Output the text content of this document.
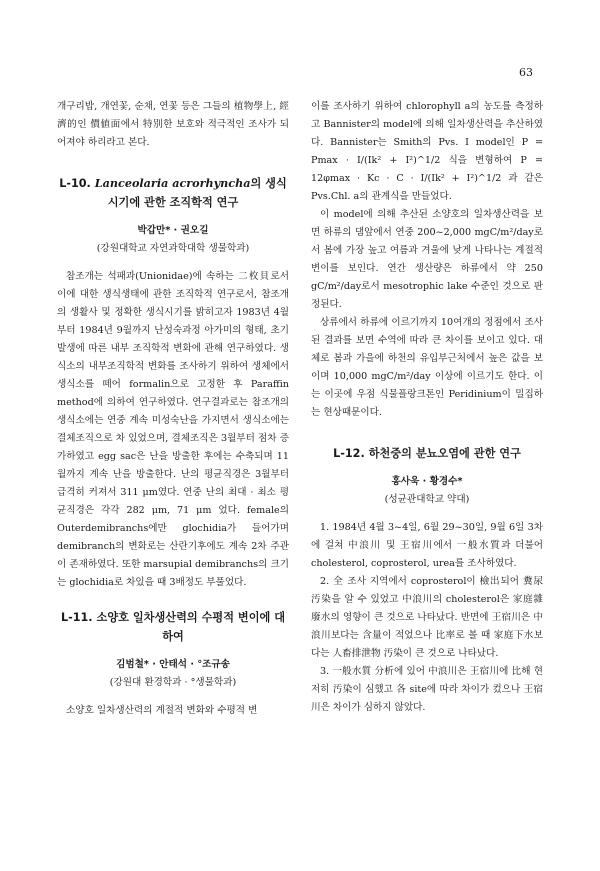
63

개구리밥, 개연꽃, 순채, 연꽃 등은 그들의 植物學上, 經濟的인 價値面에서 特別한 보호와 적극적인 조사가 되어져야 하리라고 본다.

L-10. Lanceolaria acrorhyncha의 생식시기에 관한 조직학적 연구
박갑만* · 권오길
(강원대학교 자연과학대학 생물학과)

참조개는 석패과(Unionidae)에 속하는 二枚貝로서 이에 대한 생식생태에 관한 조직학적 연구로서, 참조개의 생활사 및 정확한 생식시기를 밝히고자 1983년 4월부터 1984년 9월까지 난성숙과정 아가미의 형태, 초기 발생에 따른 내부 조직학적 변화에 관해 연구하였다. 생식소의 내부조직학적 변화를 조사하기 위하여 생체에서 생식소를 떼어 formalin으로 고정한 후 Paraffin method에 의하여 연구하였다. 연구결과로는 참조개의 생식소에는 연중 계속 미성숙난을 가지면서 생식소에는 결체조직으로 차 있었으며, 결체조직은 3월부터 점차 증가하였고 egg sac은 난을 방출한 후에는 수축되며 11월까지 계속 난을 방출한다. 난의 평균직경은 3월부터 급격히 커져서 311 μm였다. 연중 난의 최대 · 최소 평균직경은 각각 282 μm, 71 μm 었다. female의 Outerdemibranchs에만 glochidia가 들어가며 demibranch의 변화로는 산란기후에도 계속 2차 주관이 존재하였다. 또한 marsupial demibranchs의 크기는 glochidia로 차있을 때 3배정도 부풀었다.

L-11. 소양호 일차생산력의 수평적 변이에 대하여
김범철* · 안태석 · °조규송
(강원대 환경학과 · °생물학과)

소양호 일차생산력의 계절적 변화와 수평적 변

이를 조사하기 위하여 chlorophyll a의 농도를 측정하고 Bannister의 model에 의해 일차생산력을 추산하였다. Bannister는 Smith의 Pvs. I model인 P = Pmax · I/(Ik² + I²)^1/2 식을 변형하여 P = 12φmax · Kc · C · I/(Ik² + I²)^1/2 과 같은 Pvs.Chl. a의 관계식을 만들었다.

이 model에 의해 추산된 소양호의 일차생산력을 보면 하류의 댐앞에서 연중 200~2,000 mgC/m²/day로서 봄에 가장 높고 여름과 겨울에 낮게 나타나는 계절적 변이를 보인다. 연간 생산량은 하류에서 약 250 gC/m²/day로서 mesotrophic lake 수준인 것으로 판정된다.

상류에서 하류에 이르기까지 10여개의 정점에서 조사된 결과를 보면 수역에 따라 큰 차이를 보이고 있다. 대체로 봄과 가을에 하천의 유입부근처에서 높은 값을 보이며 10,000 mgC/m²/day 이상에 이르기도 한다. 이는 이곳에 우점 식물플랑크톤인 Peridinium이 밀집하는 현상때문이다.

L-12. 하천중의 분뇨오염에 관한 연구
홍사욱 · 황경수*
(성균관대학교 약대)

1. 1984년 4월 3~4일, 6월 29~30일, 9월 6일 3차에 걸쳐 中浪川 및 王宿川에서 一般水質과 더불어 cholesterol, coprosterol, urea를 조사하였다.

2. 全 조사 지역에서 coprosterol이 檢出되어 糞尿汚染을 알 수 있었고 中浪川의 cholesterol은 家庭雜廢水의 영향이 큰 것으로 나타났다. 반면에 王宿川은 中浪川보다는 含量이 적었으나 比率로 볼 때 家庭下水보다는 人畜排泄物 汚染이 큰 것으로 나타났다.

3. 一般水質 分析에 있어 中浪川은 王宿川에 比해 현저히 汚染이 심했고 各 site에 따라 차이가 컸으나 王宿川은 차이가 심하지 않았다.
